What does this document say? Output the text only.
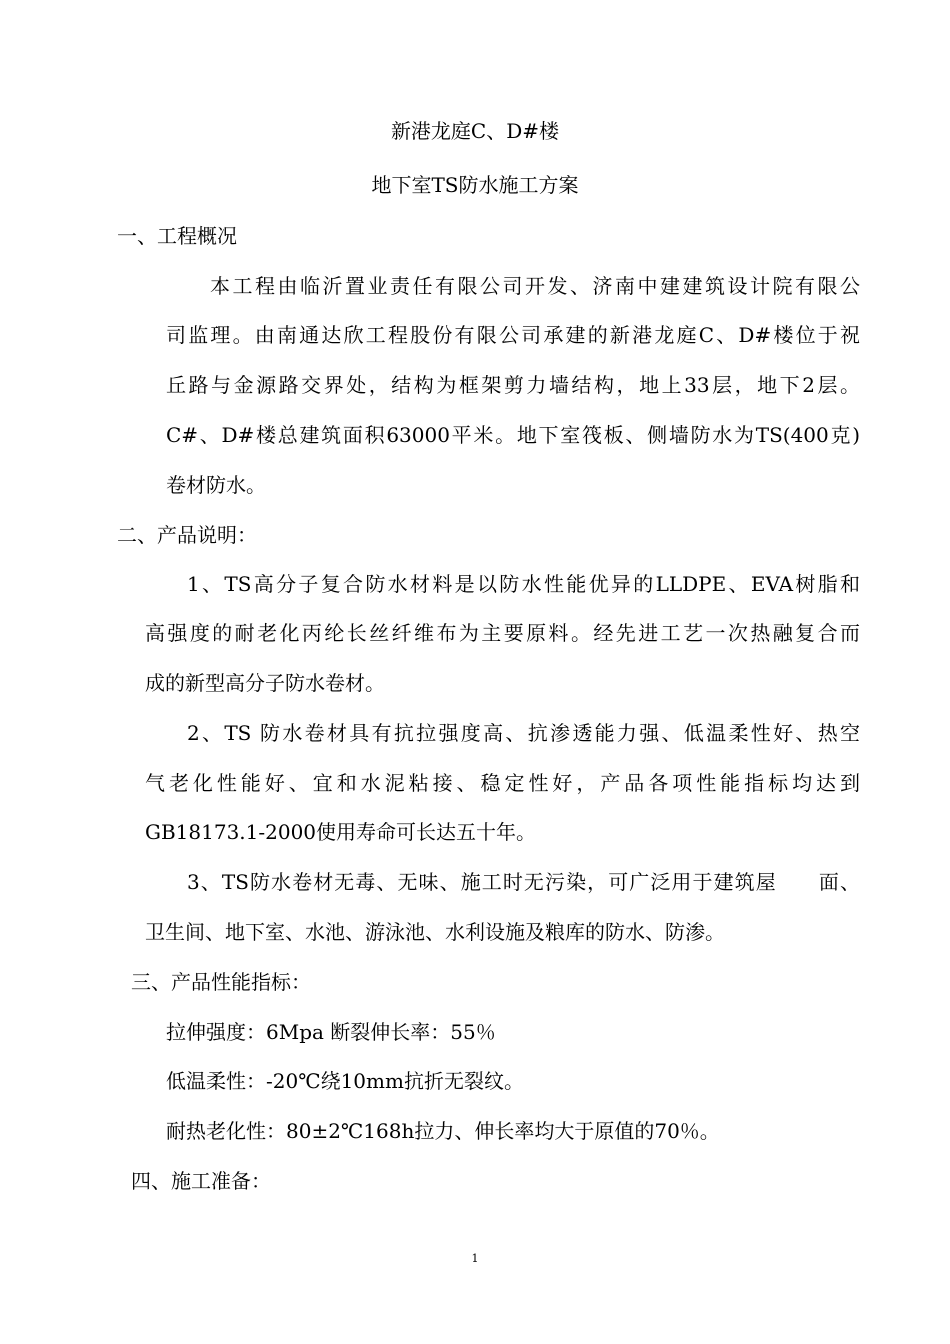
新港龙庭C、D#楼
地下室TS防水施工方案
一、工程概况
本工程由临沂置业责任有限公司开发、济南中建建筑设计院有限公
司监理。由南通达欣工程股份有限公司承建的新港龙庭C、D#楼位于祝
丘路与金源路交界处，结构为框架剪力墙结构，地上33层，地下2层。
C#、D#楼总建筑面积63000平米。地下室筏板、侧墙防水为TS(400克)
卷材防水。
二、产品说明：
1、TS高分子复合防水材料是以防水性能优异的LLDPE、EVA树脂和
高强度的耐老化丙纶长丝纤维布为主要原料。经先进工艺一次热融复合而
成的新型高分子防水卷材。
2、TS 防水卷材具有抗拉强度高、抗渗透能力强、低温柔性好、热空
气老化性能好、宜和水泥粘接、稳定性好，产品各项性能指标均达到
GB18173.1-2000使用寿命可长达五十年。
3、TS防水卷材无毒、无味、施工时无污染，可广泛用于建筑屋　　面、
卫生间、地下室、水池、游泳池、水利设施及粮库的防水、防渗。
三、产品性能指标：
拉伸强度：6Mpa 断裂伸长率：55％
低温柔性：-20℃绕10mm抗折无裂纹。
耐热老化性：80±2℃168h拉力、伸长率均大于原值的70％。
四、施工准备：
1
